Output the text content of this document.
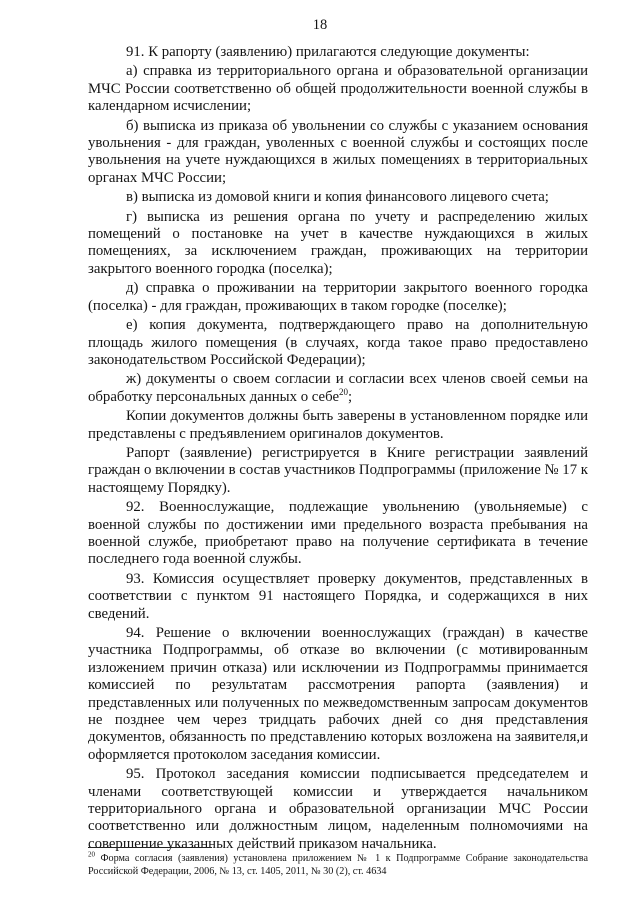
18

91. К рапорту (заявлению) прилагаются следующие документы:

а) справка из территориального органа и образовательной организации МЧС России соответственно об общей продолжительности военной службы в календарном исчислении;

б) выписка из приказа об увольнении со службы с указанием основания увольнения - для граждан, уволенных с военной службы и состоящих после увольнения на учете нуждающихся в жилых помещениях в территориальных органах МЧС России;

в) выписка из домовой книги и копия финансового лицевого счета;

г) выписка из решения органа по учету и распределению жилых помещений о постановке на учет в качестве нуждающихся в жилых помещениях, за исключением граждан, проживающих на территории закрытого военного городка (поселка);

д) справка о проживании на территории закрытого военного городка (поселка) - для граждан, проживающих в таком городке (поселке);

е) копия документа, подтверждающего право на дополнительную площадь жилого помещения (в случаях, когда такое право предоставлено законодательством Российской Федерации);

ж) документы о своем согласии и согласии всех членов своей семьи на обработку персональных данных о себе$^{20}$;

Копии документов должны быть заверены в установленном порядке или представлены с предъявлением оригиналов документов.

Рапорт (заявление) регистрируется в Книге регистрации заявлений граждан о включении в состав участников Подпрограммы (приложение № 17 к настоящему Порядку).

92. Военнослужащие, подлежащие увольнению (увольняемые) с военной службы по достижении ими предельного возраста пребывания на военной службе, приобретают право на получение сертификата в течение последнего года военной службы.

93. Комиссия осуществляет проверку документов, представленных в соответствии с пунктом 91 настоящего Порядка, и содержащихся в них сведений.

94. Решение о включении военнослужащих (граждан) в качестве участника Подпрограммы, об отказе во включении (с мотивированным изложением причин отказа) или исключении из Подпрограммы принимается комиссией по результатам рассмотрения рапорта (заявления) и представленных или полученных по межведомственным запросам документов не позднее чем через тридцать рабочих дней со дня представления документов, обязанность по представлению которых возложена на заявителя,и оформляется протоколом заседания комиссии.

95. Протокол заседания комиссии подписывается председателем и членами соответствующей комиссии и утверждается начальником территориального органа и образовательной организации МЧС России соответственно или должностным лицом, наделенным полномочиями на совершение указанных действий приказом начальника.

$^{20}$ Форма согласия (заявления) установлена приложением № 1 к Подпрограмме Собрание законодательства Российской Федерации, 2006, № 13, ст. 1405, 2011, № 30 (2), ст. 4634
